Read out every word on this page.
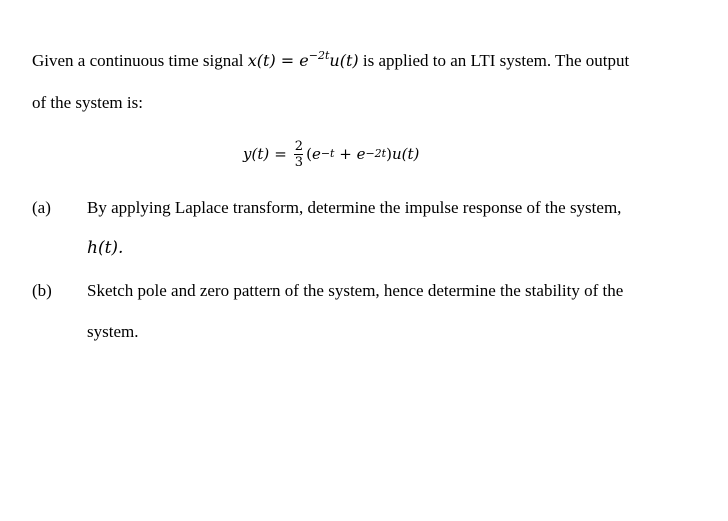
Given a continuous time signal $x(t) = e^{-2t}u(t)$ is applied to an LTI system. The output
of the system is:
$y(t) = \frac{2}{3}$ ( e −t + e −2t ) u(t)
(a) By applying Laplace transform, determine the impulse response of the system,
h(t).
(b) Sketch pole and zero pattern of the system, hence determine the stability of the
system.
